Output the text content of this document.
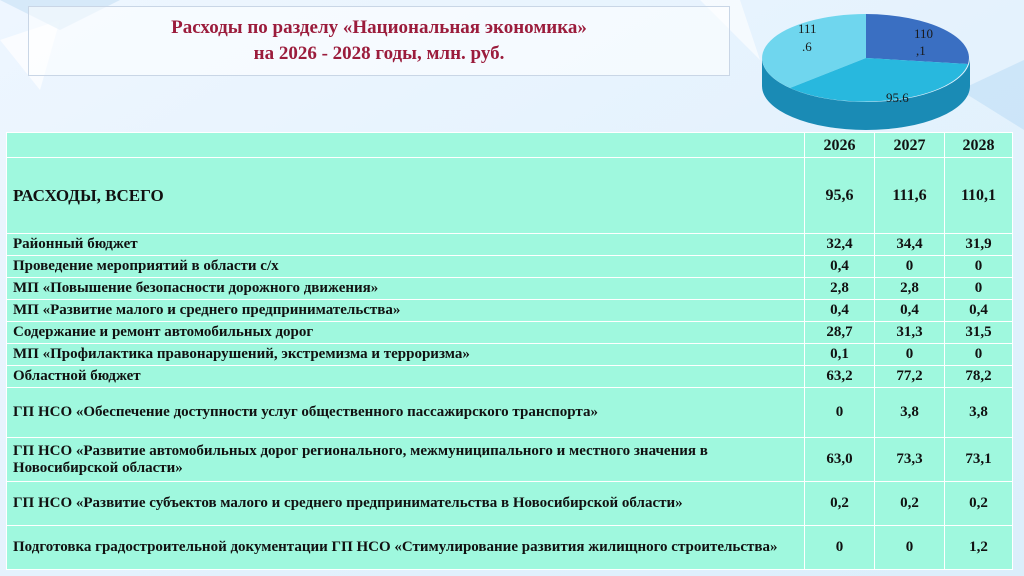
Расходы по разделу «Национальная экономика»
на 2026 - 2028 годы, млн. руб.
111
.6
110
,1
95.6
	2026	2027	2028
РАСХОДЫ, ВСЕГО	95,6	111,6	110,1
Районный бюджет	32,4	34,4	31,9
Проведение мероприятий в области с/х	0,4	0	0
МП «Повышение безопасности дорожного движения»	2,8	2,8	0
МП «Развитие малого и среднего предпринимательства»	0,4	0,4	0,4
Содержание и ремонт автомобильных дорог	28,7	31,3	31,5
МП «Профилактика правонарушений, экстремизма и терроризма»	0,1	0	0
Областной бюджет	63,2	77,2	78,2
ГП НСО «Обеспечение доступности услуг общественного пассажирского транспорта»	0	3,8	3,8
ГП НСО «Развитие автомобильных дорог регионального, межмуниципального и местного значения в Новосибирской области»	63,0	73,3	73,1
ГП НСО «Развитие субъектов малого и среднего предпринимательства в Новосибирской области»	0,2	0,2	0,2
Подготовка градостроительной документации ГП НСО «Стимулирование развития жилищного строительства»	0	0	1,2
